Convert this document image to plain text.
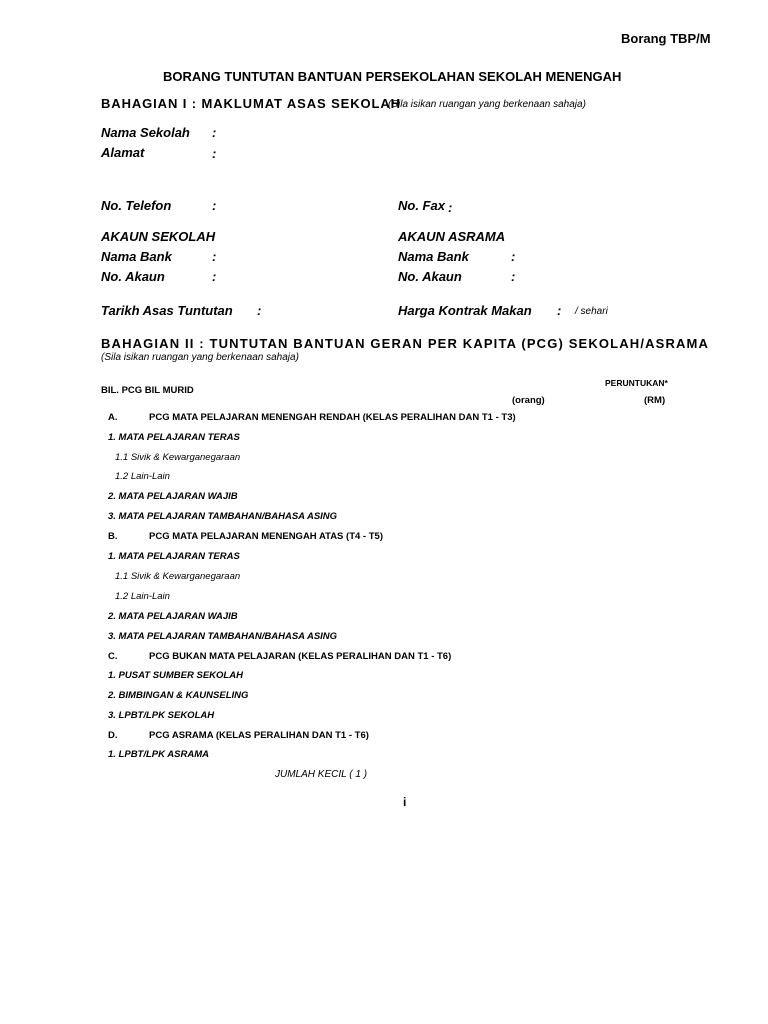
Borang TBP/M
BORANG TUNTUTAN BANTUAN PERSEKOLAHAN SEKOLAH MENENGAH
BAHAGIAN I : MAKLUMAT ASAS SEKOLAH
(Sila isikan ruangan yang berkenaan sahaja)
Nama Sekolah :
Alamat	:
No. Telefon	:	No. Fax :
AKAUN SEKOLAH	AKAUN ASRAMA
Nama Bank	:	Nama Bank	:
No. Akaun	:	No. Akaun	:
Tarikh Asas Tuntutan :	Harga Kontrak Makan : / sehari
BAHAGIAN II : TUNTUTAN BANTUAN GERAN PER KAPITA (PCG) SEKOLAH/ASRAMA
(Sila isikan ruangan yang berkenaan sahaja)
PERUNTUKAN*
BIL. PCG BIL MURID
(orang)	(RM)
A.	PCG MATA PELAJARAN MENENGAH RENDAH (KELAS PERALIHAN DAN T1 - T3)
1. MATA PELAJARAN TERAS
1.1 Sivik & Kewarganegaraan
1.2 Lain-Lain
2. MATA PELAJARAN WAJIB
3. MATA PELAJARAN TAMBAHAN/BAHASA ASING
B.	PCG MATA PELAJARAN MENENGAH ATAS (T4 - T5)
1. MATA PELAJARAN TERAS
1.1 Sivik & Kewarganegaraan
1.2 Lain-Lain
2. MATA PELAJARAN WAJIB
3. MATA PELAJARAN TAMBAHAN/BAHASA ASING
C.	PCG BUKAN MATA PELAJARAN (KELAS PERALIHAN DAN T1 - T6)
1. PUSAT SUMBER SEKOLAH
2. BIMBINGAN & KAUNSELING
3. LPBT/LPK SEKOLAH
D.	PCG ASRAMA (KELAS PERALIHAN DAN T1 - T6)
1. LPBT/LPK ASRAMA
JUMLAH KECIL ( 1 )
i
